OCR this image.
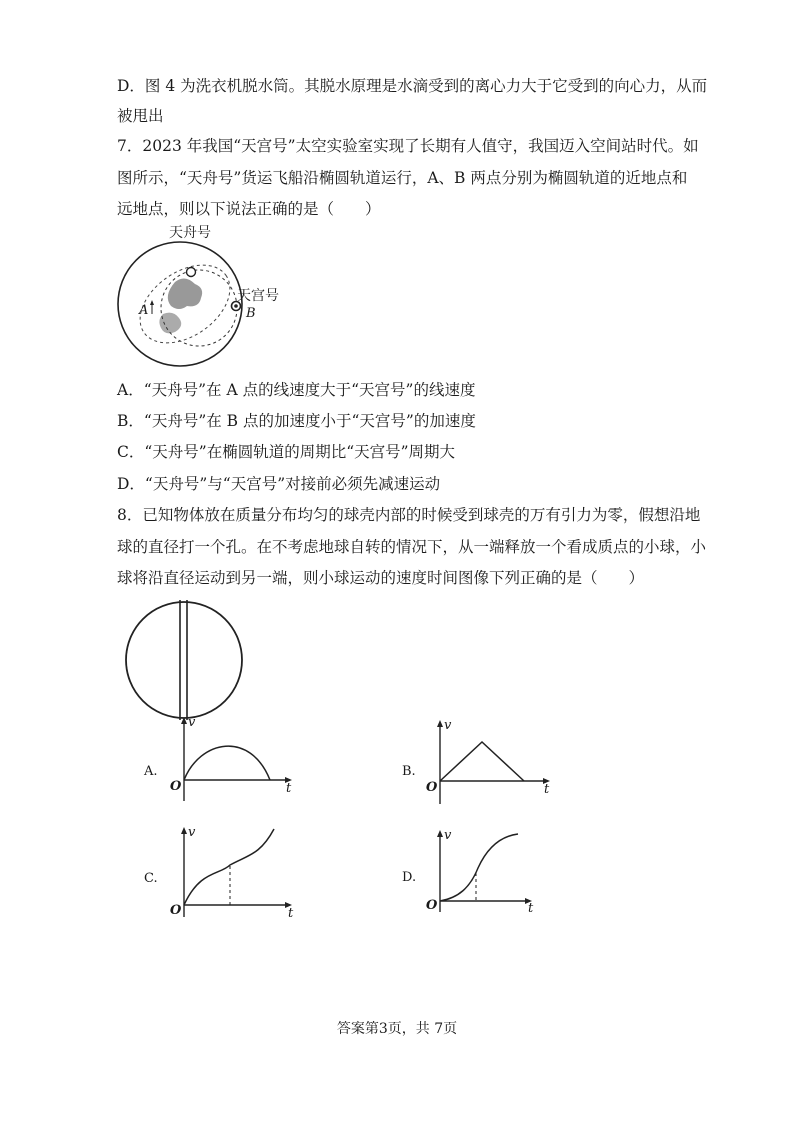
D．图 4 为洗衣机脱水筒。其脱水原理是水滴受到的离心力大于它受到的向心力，从而
被甩出
7．2023 年我国“天宫号”太空实验室实现了长期有人值守，我国迈入空间站时代。如
图所示，“天舟号”货运飞船沿椭圆轨道运行，A、B 两点分别为椭圆轨道的近地点和
远地点，则以下说法正确的是（　　）
天舟号
天宫号
A	B
A．“天舟号”在 A 点的线速度大于“天宫号”的线速度
B．“天舟号”在 B 点的加速度小于“天宫号”的加速度
C．“天舟号”在椭圆轨道的周期比“天宫号”周期大
D．“天舟号”与“天宫号”对接前必须先减速运动
8．已知物体放在质量分布均匀的球壳内部的时候受到球壳的万有引力为零，假想沿地
球的直径打一个孔。在不考虑地球自转的情况下，从一端释放一个看成质点的小球，小
球将沿直径运动到另一端，则小球运动的速度时间图像下列正确的是（　　）
A.
v
t
O
B.
v
t
O
C.
v
t
O
D.
v
t
O
答案第3页，共 7页
